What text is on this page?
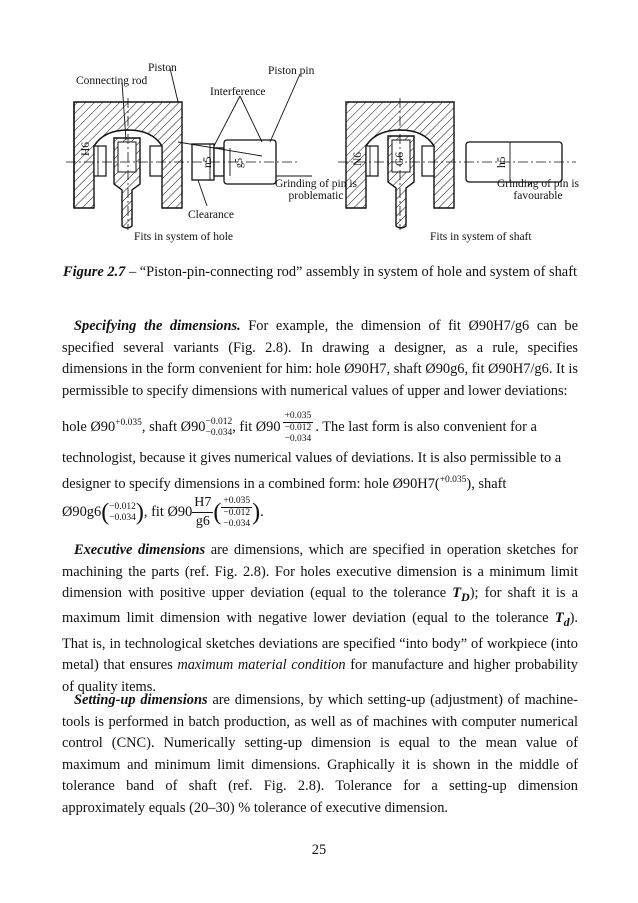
Piston	Piston pin
Connecting rod
Interference
H6
n5 g5	N6	G6	h5
Grinding of pin is problematic
Grinding of pin is favourable
Clearance
Fits in system of hole	Fits in system of shaft
Figure 2.7 – “Piston-pin-connecting rod” assembly in system of hole and system of shaft
Specifying the dimensions. For example, the dimension of fit Ø90H7/g6 can be specified several variants (Fig. 2.8). In drawing a designer, as a rule, specifies dimensions in the form convenient for him: hole Ø90H7, shaft Ø90g6, fit Ø90H7/g6. It is permissible to specify dimensions with numerical values of upper and lower deviations:
hole $Ø90^{+0.035}$, shaft Ø90 −0.012
−0.034 , fit Ø90
+0.035
−0.012
−0.034
. The last form is also convenient for a
technologist, because it gives numerical values of deviations. It is also permissible to a
designer to specify dimensions in a combined form: hole Ø90H7($^{+0.035}$), shaft
Ø90g6( −0.012
−0.034 ), fit Ø90 $\frac{H7}{g6}$ ( +0.035
−0.012
−0.034 ).
Executive dimensions are dimensions, which are specified in operation sketches for machining the parts (ref. Fig. 2.8). For holes executive dimension is a minimum limit dimension with positive upper deviation (equal to the tolerance $T_D$); for shaft it is a maximum limit dimension with negative lower deviation (equal to the tolerance $T_d$). That is, in technological sketches deviations are specified “into body” of workpiece (into metal) that ensures maximum material condition for manufacture and higher probability of quality items.
Setting-up dimensions are dimensions, by which setting-up (adjustment) of machine-tools is performed in batch production, as well as of machines with computer numerical control (CNC). Numerically setting-up dimension is equal to the mean value of maximum and minimum limit dimensions. Graphically it is shown in the middle of tolerance band of shaft (ref. Fig. 2.8). Tolerance for a setting-up dimension approximately equals (20–30) % tolerance of executive dimension.
25
